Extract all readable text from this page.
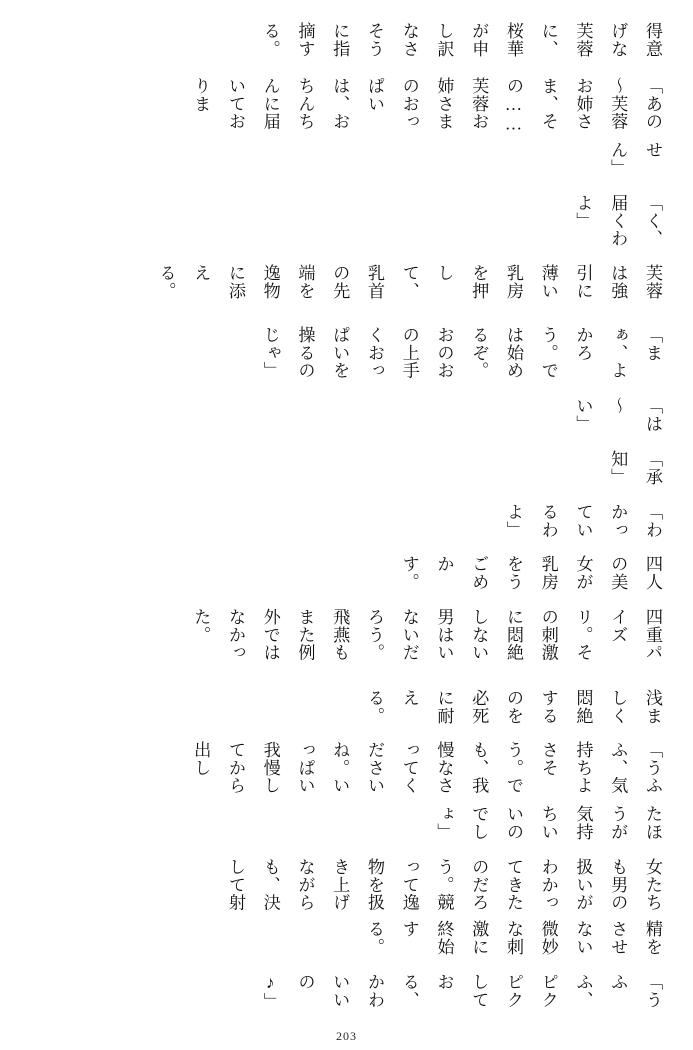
得意げな芙蓉に、桜華が申し訳なさそうに指摘する。

「あの～芙蓉お姉さま、その……芙蓉お姉さまのおっぱいは、おちんちんに届いておりま

せん」

「く、届くわよ」

芙蓉は強引に薄い乳房を押して、乳首の先端を逸物に添える。

「まぁ、よかろう。では始めるぞ。おのおの上手くおっぱいを操るのじゃ」

「は～い」

「承知」

「わかっているわよ」

四人の美女が乳房をうごめかす。

四重パイズリ。その刺激に悶絶しない男はいないだろう。飛燕もまた例外ではなかった。

浅ましく悶絶するのを必死に耐える。

「うふふ、気持ちよさそう。でも、我慢なさってくださいね。いっぱい我慢してから出し

たほうが気持ちいいのでしょ」

女たちも男の扱いがわかってきたのだろう。競って逸物を扱き上げながらも、決して射

精をさせない微妙な刺激に終始する。

「うふふ、ピクピクしておる、かわいいの♪」

203
